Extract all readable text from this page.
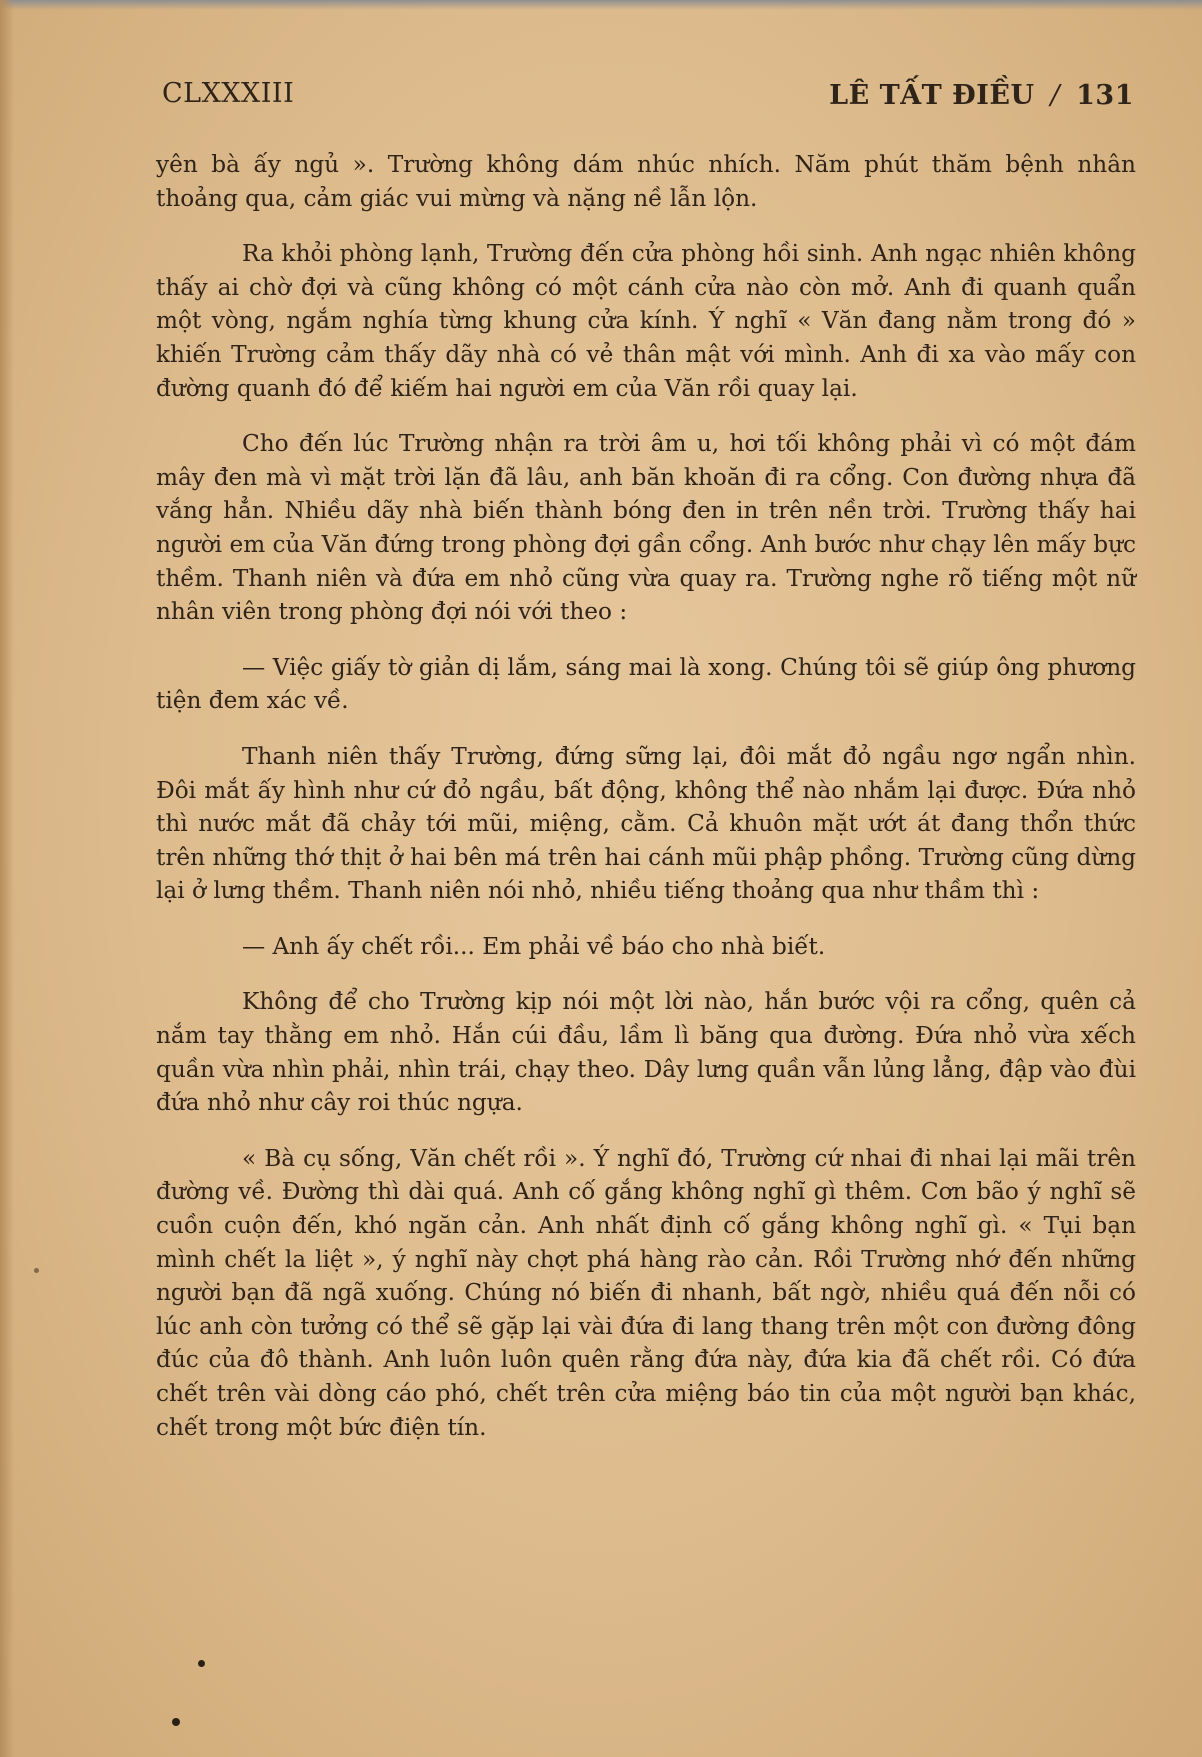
CLXXXIII	LÊ TẤT ĐIỀU / 131

yên bà ấy ngủ ». Trường không dám nhúc nhích. Năm phút thăm bệnh nhân thoảng qua, cảm giác vui mừng và nặng nề lẫn lộn.

Ra khỏi phòng lạnh, Trường đến cửa phòng hồi sinh. Anh ngạc nhiên không thấy ai chờ đợi và cũng không có một cánh cửa nào còn mở. Anh đi quanh quẩn một vòng, ngắm nghía từng khung cửa kính. Ý nghĩ « Văn đang nằm trong đó » khiến Trường cảm thấy dãy nhà có vẻ thân mật với mình. Anh đi xa vào mấy con đường quanh đó để kiếm hai người em của Văn rồi quay lại.

Cho đến lúc Trường nhận ra trời âm u, hơi tối không phải vì có một đám mây đen mà vì mặt trời lặn đã lâu, anh băn khoăn đi ra cổng. Con đường nhựa đã vắng hẳn. Nhiều dãy nhà biến thành bóng đen in trên nền trời. Trường thấy hai người em của Văn đứng trong phòng đợi gần cổng. Anh bước như chạy lên mấy bực thềm. Thanh niên và đứa em nhỏ cũng vừa quay ra. Trường nghe rõ tiếng một nữ nhân viên trong phòng đợi nói với theo :

— Việc giấy tờ giản dị lắm, sáng mai là xong. Chúng tôi sẽ giúp ông phương tiện đem xác về.

Thanh niên thấy Trường, đứng sững lại, đôi mắt đỏ ngầu ngơ ngẩn nhìn. Đôi mắt ấy hình như cứ đỏ ngầu, bất động, không thể nào nhắm lại được. Đứa nhỏ thì nước mắt đã chảy tới mũi, miệng, cằm. Cả khuôn mặt ướt át đang thổn thức trên những thớ thịt ở hai bên má trên hai cánh mũi phập phồng. Trường cũng dừng lại ở lưng thềm. Thanh niên nói nhỏ, nhiều tiếng thoảng qua như thầm thì :

— Anh ấy chết rồi... Em phải về báo cho nhà biết.

Không để cho Trường kịp nói một lời nào, hắn bước vội ra cổng, quên cả nắm tay thằng em nhỏ. Hắn cúi đầu, lầm lì băng qua đường. Đứa nhỏ vừa xếch quần vừa nhìn phải, nhìn trái, chạy theo. Dây lưng quần vẫn lủng lẳng, đập vào đùi đứa nhỏ như cây roi thúc ngựa.

« Bà cụ sống, Văn chết rồi ». Ý nghĩ đó, Trường cứ nhai đi nhai lại mãi trên đường về. Đường thì dài quá. Anh cố gắng không nghĩ gì thêm. Cơn bão ý nghĩ sẽ cuồn cuộn đến, khó ngăn cản. Anh nhất định cố gắng không nghĩ gì. « Tụi bạn mình chết la liệt », ý nghĩ này chợt phá hàng rào cản. Rồi Trường nhớ đến những người bạn đã ngã xuống. Chúng nó biến đi nhanh, bất ngờ, nhiều quá đến nỗi có lúc anh còn tưởng có thể sẽ gặp lại vài đứa đi lang thang trên một con đường đông đúc của đô thành. Anh luôn luôn quên rằng đứa này, đứa kia đã chết rồi. Có đứa chết trên vài dòng cáo phó, chết trên cửa miệng báo tin của một người bạn khác, chết trong một bức điện tín.
